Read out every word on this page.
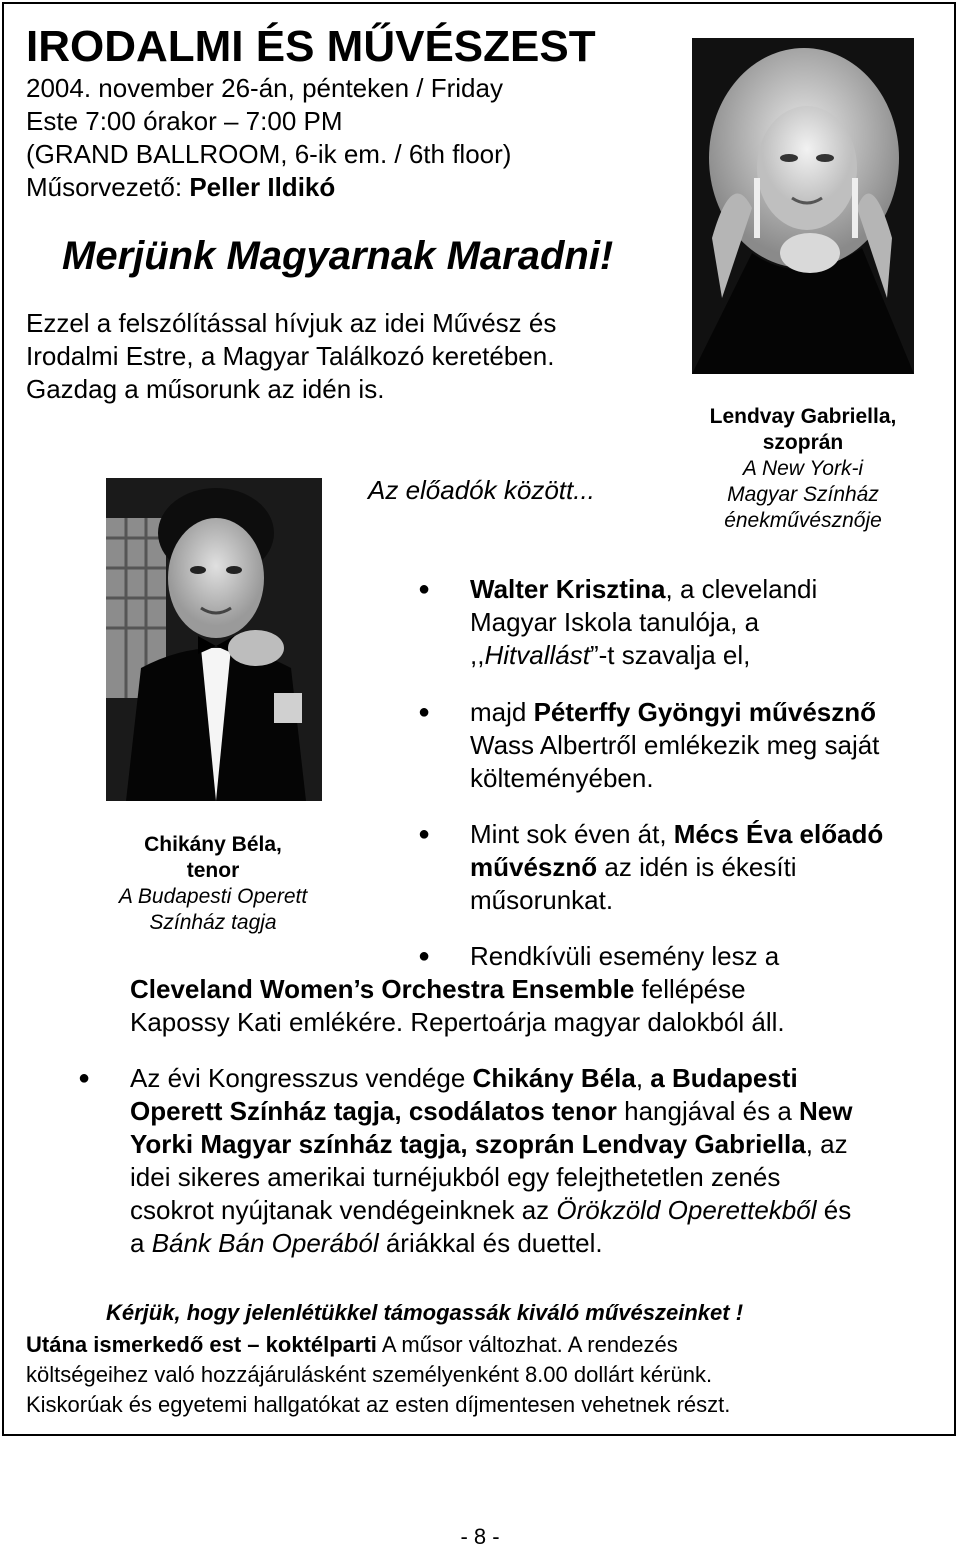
IRODALMI ÉS MŰVÉSZEST
2004. november 26-án, pénteken / Friday
Este 7:00 órakor – 7:00 PM
(GRAND BALLROOM, 6-ik em. / 6th floor)
Műsorvezető: Peller Ildikó
Merjünk Magyarnak Maradni!
Ezzel a felszólítással hívjuk az idei Művész és
Irodalmi Estre, a Magyar Találkozó keretében.
Gazdag a műsorunk az idén is.
Az előadók között...
Lendvay Gabriella,
szoprán
A New York-i
Magyar Színház
énekművésznője
Chikány Béla,
tenor
A Budapesti Operett
Színház tagja
● Walter Krisztina, a clevelandi
Magyar Iskola tanulója, a
,,Hitvallást”-t szavalja el,
● majd Péterffy Gyöngyi művésznő
Wass Albertről emlékezik meg saját
költeményében.
● Mint sok éven át, Mécs Éva előadó
művésznő az idén is ékesíti
műsorunkat.
● Rendkívüli esemény lesz a
Cleveland Women’s Orchestra Ensemble fellépése
Kapossy Kati emlékére. Repertoárja magyar dalokból áll.
● Az évi Kongresszus vendége Chikány Béla, a Budapesti
Operett Színház tagja, csodálatos tenor hangjával és a New
Yorki Magyar színház tagja, szoprán Lendvay Gabriella, az
idei sikeres amerikai turnéjukból egy felejthetetlen zenés
csokrot nyújtanak vendégeinknek az Örökzöld Operettekből és
a Bánk Bán Operából áriákkal és duettel.
Kérjük, hogy jelenlétükkel támogassák kiváló művészeinket !
Utána ismerkedő est – koktélparti A műsor változhat. A rendezés
költségeihez való hozzájárulásként személyenként 8.00 dollárt kérünk.
Kiskorúak és egyetemi hallgatókat az esten díjmentesen vehetnek részt.
- 8 -
